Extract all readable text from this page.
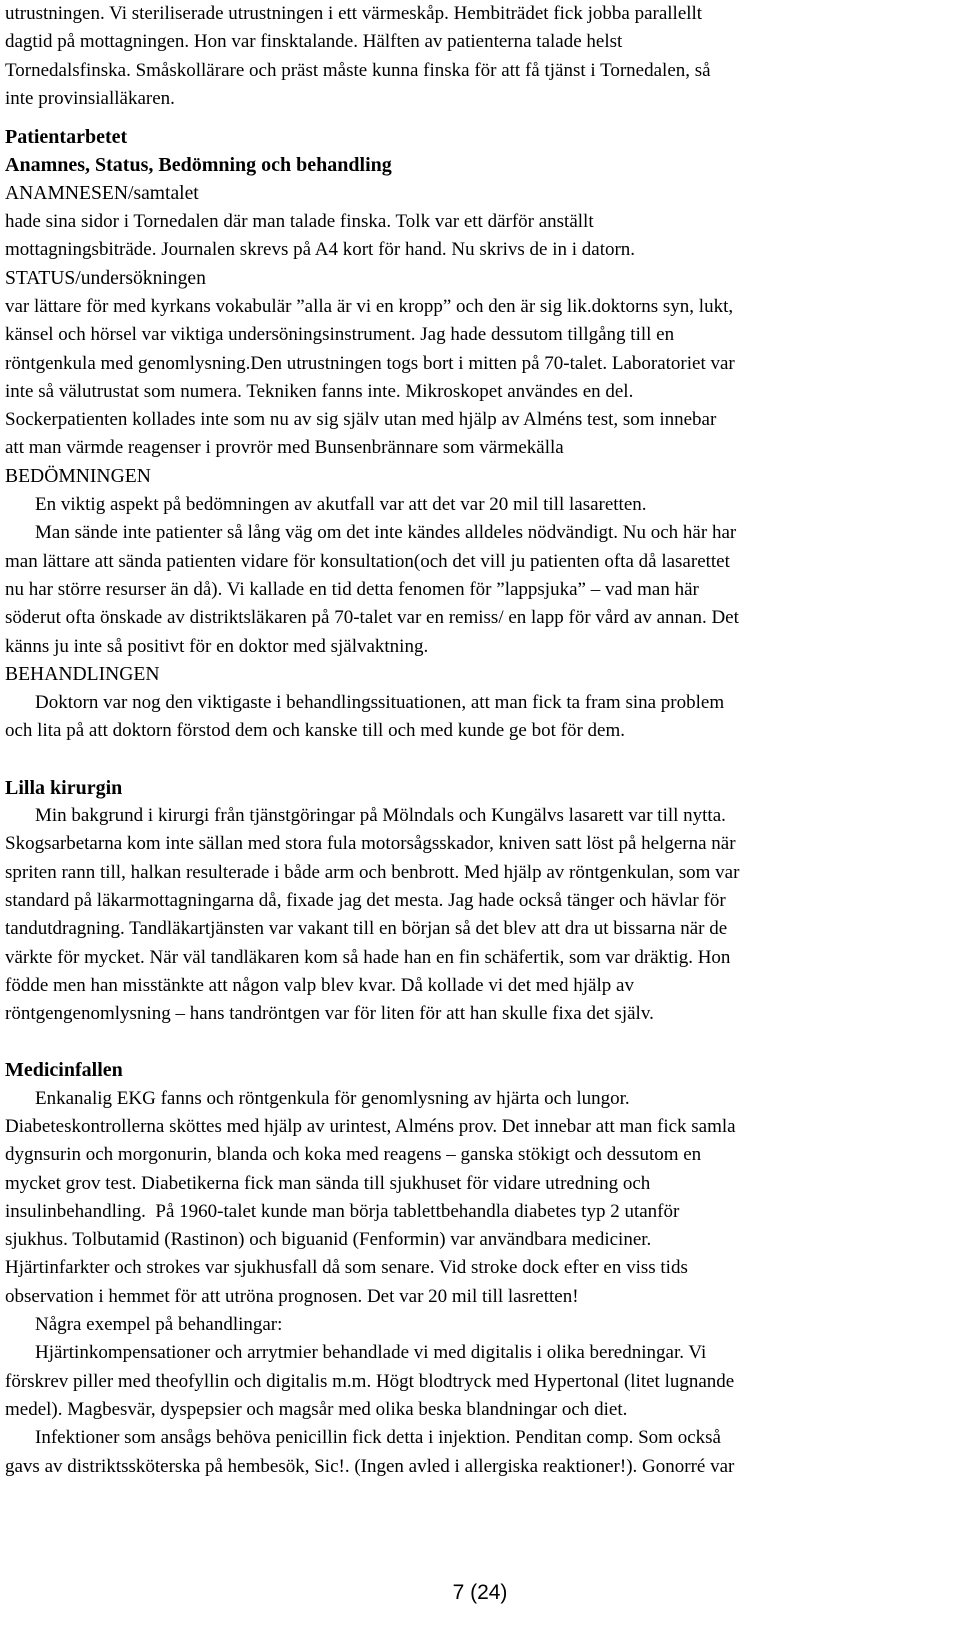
utrustningen. Vi steriliserade utrustningen i ett värmeskåp. Hembiträdet fick jobba parallellt
dagtid på mottagningen. Hon var finsktalande. Hälften av patienterna talade helst
Tornedalsfinska. Småskollärare och präst måste kunna finska för att få tjänst i Tornedalen, så
inte provinsialläkaren.
Patientarbetet
Anamnes, Status, Bedömning och behandling
ANAMNESEN/samtalet
hade sina sidor i Tornedalen där man talade finska. Tolk var ett därför anställt
mottagningsbiträde. Journalen skrevs på A4 kort för hand. Nu skrivs de in i datorn.
STATUS/undersökningen
var lättare för med kyrkans vokabulär ”alla är vi en kropp” och den är sig lik.doktorns syn, lukt,
känsel och hörsel var viktiga undersöningsinstrument. Jag hade dessutom tillgång till en
röntgenkula med genomlysning.Den utrustningen togs bort i mitten på 70-talet. Laboratoriet var
inte så välutrustat som numera. Tekniken fanns inte. Mikroskopet användes en del.
Sockerpatienten kollades inte som nu av sig själv utan med hjälp av Alméns test, som innebar
att man värmde reagenser i provrör med Bunsenbrännare som värmekälla
BEDÖMNINGEN
En viktig aspekt på bedömningen av akutfall var att det var 20 mil till lasaretten.
Man sände inte patienter så lång väg om det inte kändes alldeles nödvändigt. Nu och här har
man lättare att sända patienten vidare för konsultation(och det vill ju patienten ofta då lasarettet
nu har större resurser än då). Vi kallade en tid detta fenomen för ”lappsjuka” – vad man här
söderut ofta önskade av distriktsläkaren på 70-talet var en remiss/ en lapp för vård av annan. Det
känns ju inte så positivt för en doktor med självaktning.
BEHANDLINGEN
Doktorn var nog den viktigaste i behandlingssituationen, att man fick ta fram sina problem
och lita på att doktorn förstod dem och kanske till och med kunde ge bot för dem.
Lilla kirurgin
Min bakgrund i kirurgi från tjänstgöringar på Mölndals och Kungälvs lasarett var till nytta.
Skogsarbetarna kom inte sällan med stora fula motorsågsskador, kniven satt löst på helgerna när
spriten rann till, halkan resulterade i både arm och benbrott. Med hjälp av röntgenkulan, som var
standard på läkarmottagningarna då, fixade jag det mesta. Jag hade också tänger och hävlar för
tandutdragning. Tandläkartjänsten var vakant till en början så det blev att dra ut bissarna när de
värkte för mycket. När väl tandläkaren kom så hade han en fin schäfertik, som var dräktig. Hon
födde men han misstänkte att någon valp blev kvar. Då kollade vi det med hjälp av
röntgengenomlysning – hans tandröntgen var för liten för att han skulle fixa det själv.
Medicinfallen
Enkanalig EKG fanns och röntgenkula för genomlysning av hjärta och lungor.
Diabeteskontrollerna sköttes med hjälp av urintest, Alméns prov. Det innebar att man fick samla
dygnsurin och morgonurin, blanda och koka med reagens – ganska stökigt och dessutom en
mycket grov test. Diabetikerna fick man sända till sjukhuset för vidare utredning och
insulinbehandling.  På 1960-talet kunde man börja tablettbehandla diabetes typ 2 utanför
sjukhus. Tolbutamid (Rastinon) och biguanid (Fenformin) var användbara mediciner.
Hjärtinfarkter och strokes var sjukhusfall då som senare. Vid stroke dock efter en viss tids
observation i hemmet för att utröna prognosen. Det var 20 mil till lasretten!
Några exempel på behandlingar:
Hjärtinkompensationer och arrytmier behandlade vi med digitalis i olika beredningar. Vi
förskrev piller med theofyllin och digitalis m.m. Högt blodtryck med Hypertonal (litet lugnande
medel). Magbesvär, dyspepsier och magsår med olika beska blandningar och diet.
Infektioner som ansågs behöva penicillin fick detta i injektion. Penditan comp. Som också
gavs av distriktssköterska på hembesök, Sic!. (Ingen avled i allergiska reaktioner!). Gonorré var
7 (24)
